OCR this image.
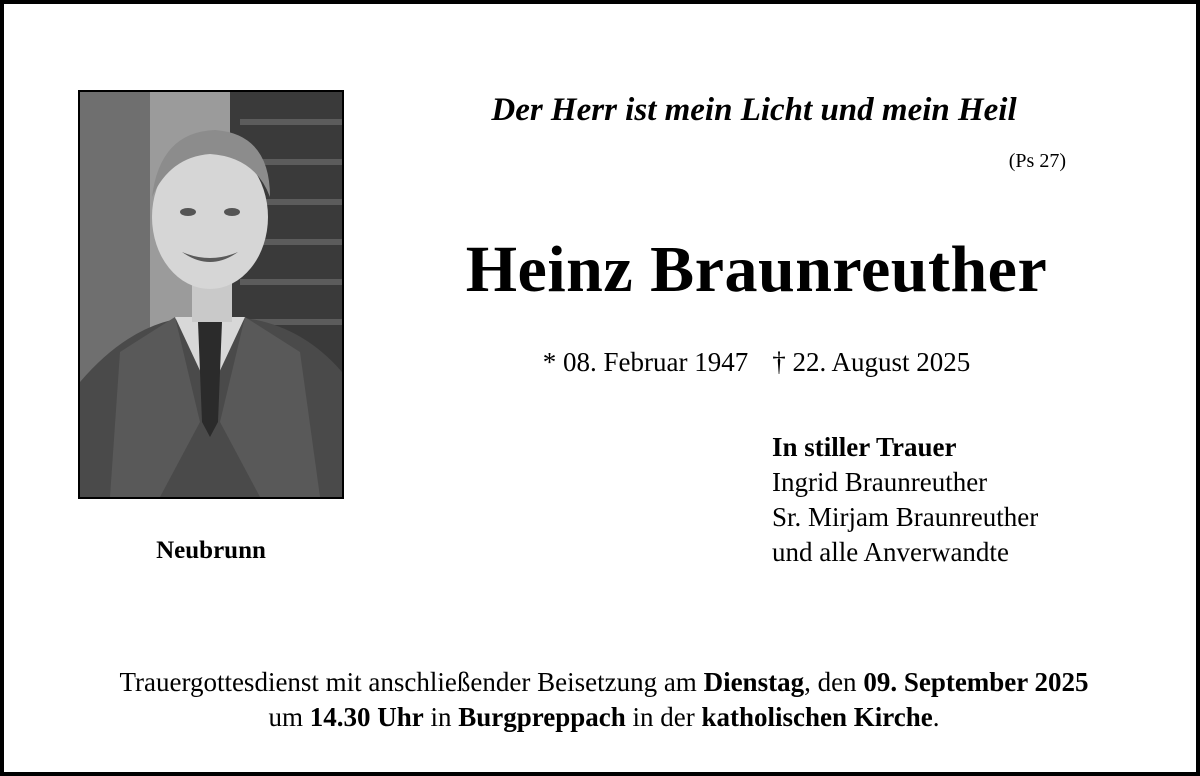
Neubrunn
Der Herr ist mein Licht und mein Heil
(Ps 27)
Heinz Braunreuther
* 08. Februar 1947 † 22. August 2025
In stiller Trauer
Ingrid Braunreuther
Sr. Mirjam Braunreuther
und alle Anverwandte
Trauergottesdienst mit anschließender Beisetzung am Dienstag, den 09. September 2025
um 14.30 Uhr in Burgpreppach in der katholischen Kirche.
